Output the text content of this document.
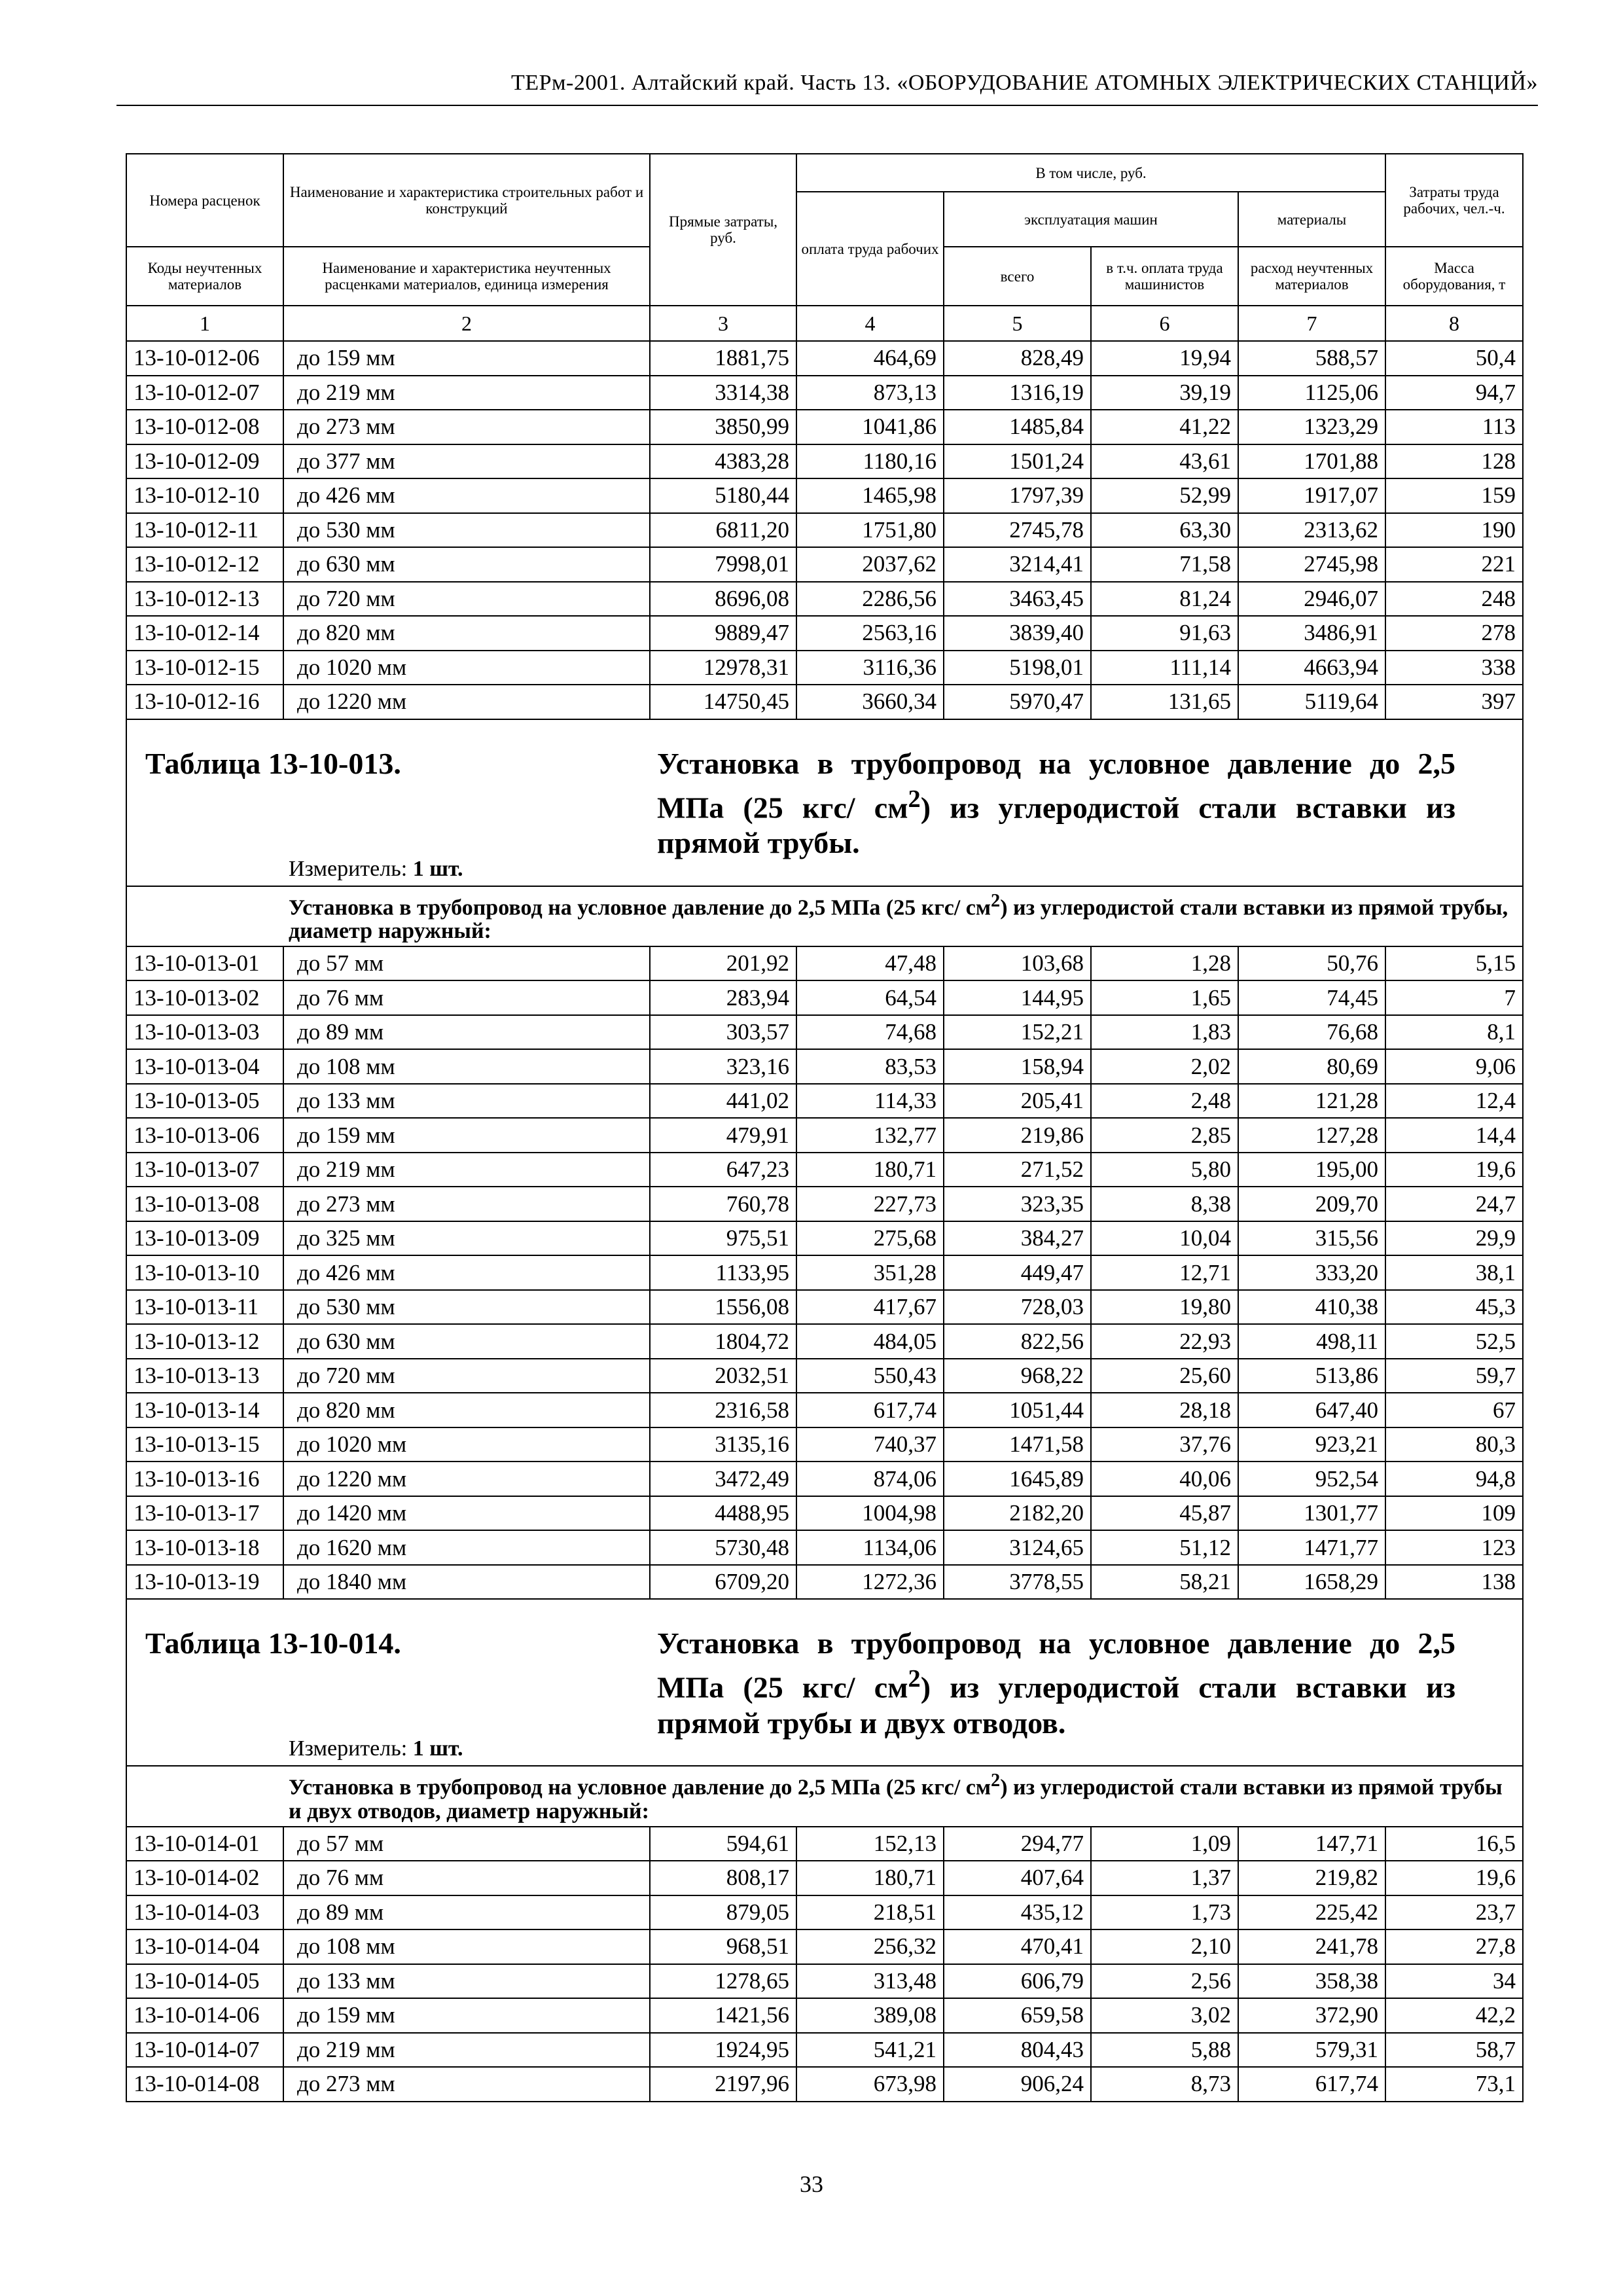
ТЕРм-2001. Алтайский край. Часть 13. «ОБОРУДОВАНИЕ АТОМНЫХ ЭЛЕКТРИЧЕСКИХ СТАНЦИЙ»
Номера расценок	Наименование и характеристика строительных работ и конструкций	Прямые затраты, руб.	В том числе, руб.				Затраты труда рабочих, чел.-ч.
			оплата труда рабочих	эксплуатация машин		материалы	
Коды неучтенных материалов	Наименование и характеристика неучтенных расценками материалов, единица измерения			всего	в т.ч. оплата труда машинистов	расход неучтенных материалов	Масса оборудования, т
1	2	3	4	5	6	7	8
13-10-012-06	до 159 мм	1881,75	464,69	828,49	19,94	588,57	50,4
13-10-012-07	до 219 мм	3314,38	873,13	1316,19	39,19	1125,06	94,7
13-10-012-08	до 273 мм	3850,99	1041,86	1485,84	41,22	1323,29	113
13-10-012-09	до 377 мм	4383,28	1180,16	1501,24	43,61	1701,88	128
13-10-012-10	до 426 мм	5180,44	1465,98	1797,39	52,99	1917,07	159
13-10-012-11	до 530 мм	6811,20	1751,80	2745,78	63,30	2313,62	190
13-10-012-12	до 630 мм	7998,01	2037,62	3214,41	71,58	2745,98	221
13-10-012-13	до 720 мм	8696,08	2286,56	3463,45	81,24	2946,07	248
13-10-012-14	до 820 мм	9889,47	2563,16	3839,40	91,63	3486,91	278
13-10-012-15	до 1020 мм	12978,31	3116,36	5198,01	111,14	4663,94	338
13-10-012-16	до 1220 мм	14750,45	3660,34	5970,47	131,65	5119,64	397

Таблица 13-10-013. Установка в трубопровод на условное давление до 2,5 МПа (25 кгс/ $см^2$) из углеродистой стали вставки из прямой трубы.
Измеритель: 1 шт.							

Установка в трубопровод на условное давление до 2,5 МПа (25 кгс/ $см^2$) из углеродистой стали вставки из прямой трубы, диаметр наружный:							
13-10-013-01	до 57 мм	201,92	47,48	103,68	1,28	50,76	5,15
13-10-013-02	до 76 мм	283,94	64,54	144,95	1,65	74,45	7
13-10-013-03	до 89 мм	303,57	74,68	152,21	1,83	76,68	8,1
13-10-013-04	до 108 мм	323,16	83,53	158,94	2,02	80,69	9,06
13-10-013-05	до 133 мм	441,02	114,33	205,41	2,48	121,28	12,4
13-10-013-06	до 159 мм	479,91	132,77	219,86	2,85	127,28	14,4
13-10-013-07	до 219 мм	647,23	180,71	271,52	5,80	195,00	19,6
13-10-013-08	до 273 мм	760,78	227,73	323,35	8,38	209,70	24,7
13-10-013-09	до 325 мм	975,51	275,68	384,27	10,04	315,56	29,9
13-10-013-10	до 426 мм	1133,95	351,28	449,47	12,71	333,20	38,1
13-10-013-11	до 530 мм	1556,08	417,67	728,03	19,80	410,38	45,3
13-10-013-12	до 630 мм	1804,72	484,05	822,56	22,93	498,11	52,5
13-10-013-13	до 720 мм	2032,51	550,43	968,22	25,60	513,86	59,7
13-10-013-14	до 820 мм	2316,58	617,74	1051,44	28,18	647,40	67
13-10-013-15	до 1020 мм	3135,16	740,37	1471,58	37,76	923,21	80,3
13-10-013-16	до 1220 мм	3472,49	874,06	1645,89	40,06	952,54	94,8
13-10-013-17	до 1420 мм	4488,95	1004,98	2182,20	45,87	1301,77	109
13-10-013-18	до 1620 мм	5730,48	1134,06	3124,65	51,12	1471,77	123
13-10-013-19	до 1840 мм	6709,20	1272,36	3778,55	58,21	1658,29	138

Таблица 13-10-014. Установка в трубопровод на условное давление до 2,5 МПа (25 кгс/ $см^2$) из углеродистой стали вставки из прямой трубы и двух отводов.
Измеритель: 1 шт.							

Установка в трубопровод на условное давление до 2,5 МПа (25 кгс/ $см^2$) из углеродистой стали вставки из прямой трубы и двух отводов, диаметр наружный:							
13-10-014-01	до 57 мм	594,61	152,13	294,77	1,09	147,71	16,5
13-10-014-02	до 76 мм	808,17	180,71	407,64	1,37	219,82	19,6
13-10-014-03	до 89 мм	879,05	218,51	435,12	1,73	225,42	23,7
13-10-014-04	до 108 мм	968,51	256,32	470,41	2,10	241,78	27,8
13-10-014-05	до 133 мм	1278,65	313,48	606,79	2,56	358,38	34
13-10-014-06	до 159 мм	1421,56	389,08	659,58	3,02	372,90	42,2
13-10-014-07	до 219 мм	1924,95	541,21	804,43	5,88	579,31	58,7
13-10-014-08	до 273 мм	2197,96	673,98	906,24	8,73	617,74	73,1
33
